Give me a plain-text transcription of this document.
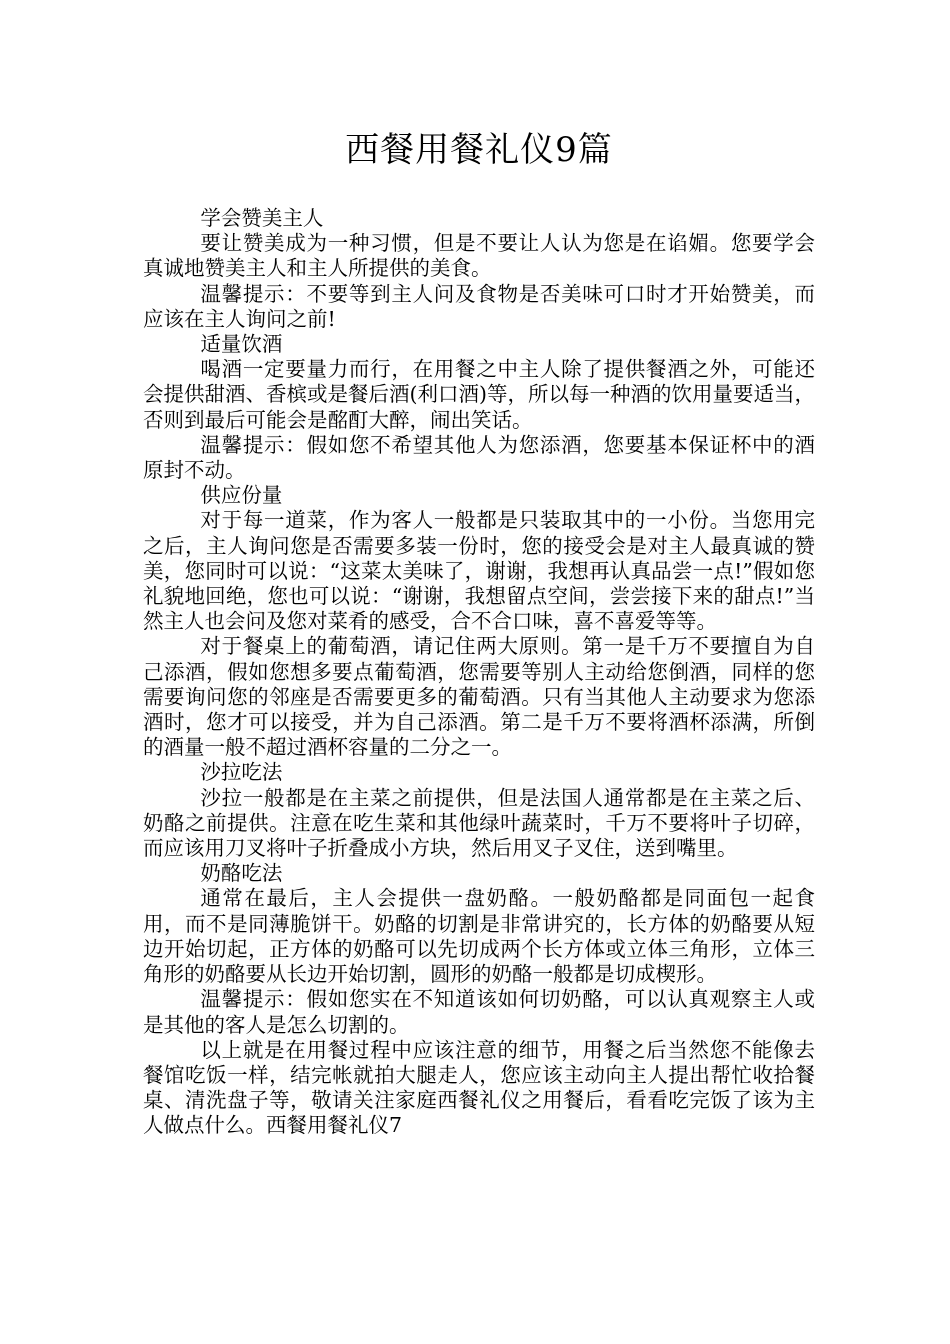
西餐用餐礼仪9篇

学会赞美主人

要让赞美成为一种习惯，但是不要让人认为您是在谄媚。您要学会真诚地赞美主人和主人所提供的美食。

温馨提示：不要等到主人问及食物是否美味可口时才开始赞美，而应该在主人询问之前!

适量饮酒

喝酒一定要量力而行，在用餐之中主人除了提供餐酒之外，可能还会提供甜酒、香槟或是餐后酒(利口酒)等，所以每一种酒的饮用量要适当，否则到最后可能会是酩酊大醉，闹出笑话。

温馨提示：假如您不希望其他人为您添酒，您要基本保证杯中的酒原封不动。

供应份量

对于每一道菜，作为客人一般都是只装取其中的一小份。当您用完之后，主人询问您是否需要多装一份时，您的接受会是对主人最真诚的赞美，您同时可以说：“这菜太美味了，谢谢，我想再认真品尝一点!”假如您礼貌地回绝，您也可以说：“谢谢，我想留点空间，尝尝接下来的甜点!”当然主人也会问及您对菜肴的感受，合不合口味，喜不喜爱等等。

对于餐桌上的葡萄酒，请记住两大原则。第一是千万不要擅自为自己添酒，假如您想多要点葡萄酒，您需要等别人主动给您倒酒，同样的您需要询问您的邻座是否需要更多的葡萄酒。只有当其他人主动要求为您添酒时，您才可以接受，并为自己添酒。第二是千万不要将酒杯添满，所倒的酒量一般不超过酒杯容量的二分之一。

沙拉吃法

沙拉一般都是在主菜之前提供，但是法国人通常都是在主菜之后、奶酪之前提供。注意在吃生菜和其他绿叶蔬菜时，千万不要将叶子切碎，而应该用刀叉将叶子折叠成小方块，然后用叉子叉住，送到嘴里。

奶酪吃法

通常在最后，主人会提供一盘奶酪。一般奶酪都是同面包一起食用，而不是同薄脆饼干。奶酪的切割是非常讲究的，长方体的奶酪要从短边开始切起，正方体的奶酪可以先切成两个长方体或立体三角形，立体三角形的奶酪要从长边开始切割，圆形的奶酪一般都是切成楔形。

温馨提示：假如您实在不知道该如何切奶酪，可以认真观察主人或是其他的客人是怎么切割的。

以上就是在用餐过程中应该注意的细节，用餐之后当然您不能像去餐馆吃饭一样，结完帐就拍大腿走人，您应该主动向主人提出帮忙收拾餐桌、清洗盘子等，敬请关注家庭西餐礼仪之用餐后，看看吃完饭了该为主人做点什么。西餐用餐礼仪7
